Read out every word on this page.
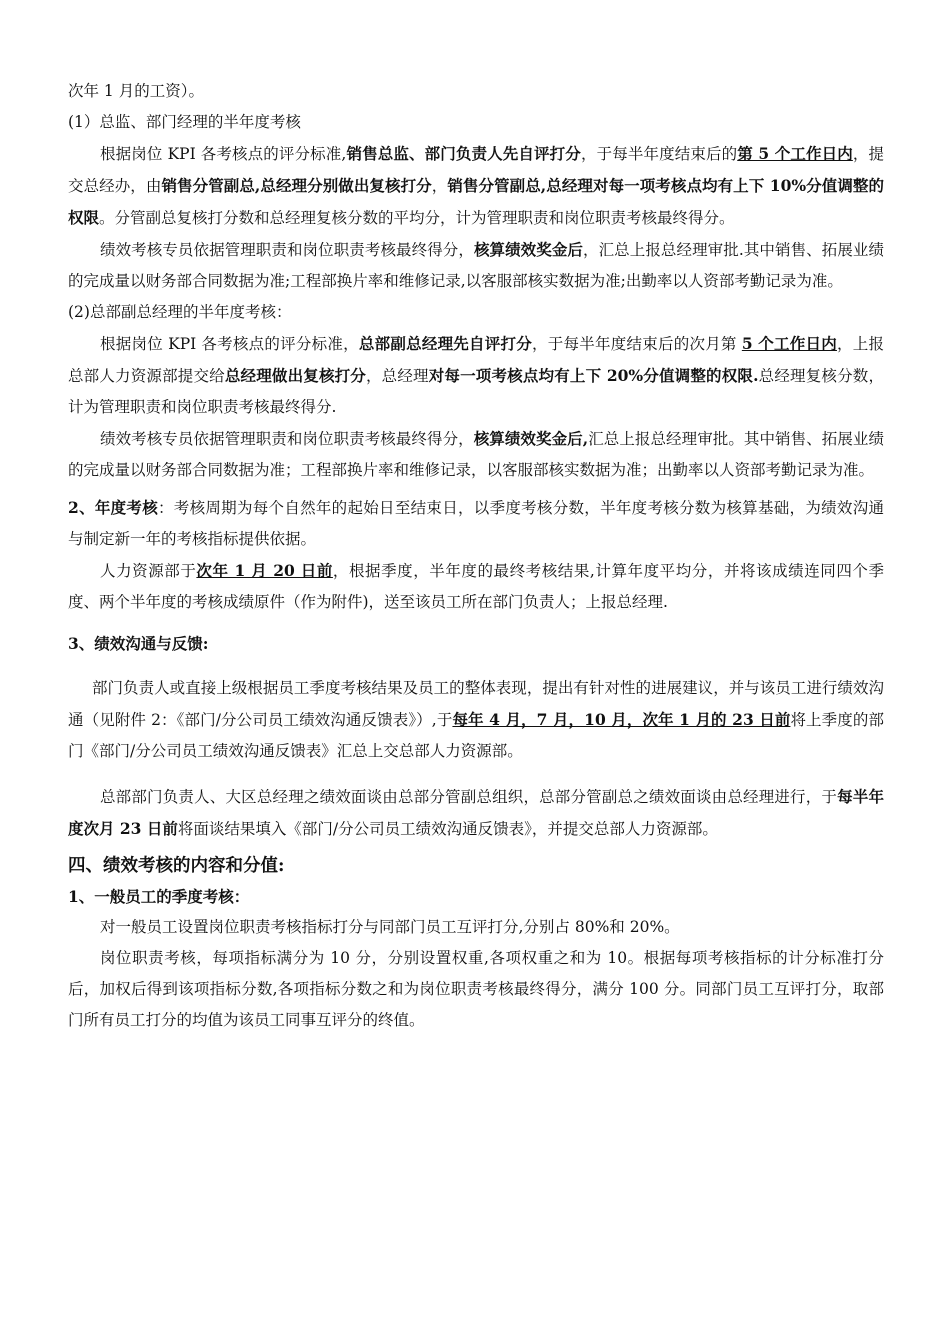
次年 1 月的工资）。

(1）总监、部门经理的半年度考核

根据岗位 KPI 各考核点的评分标准,销售总监、部门负责人先自评打分，于每半年度结束后的第 5 个工作日内，提交总经办，由销售分管副总,总经理分别做出复核打分，销售分管副总,总经理对每一项考核点均有上下 10%分值调整的权限。分管副总复核打分数和总经理复核分数的平均分，计为管理职责和岗位职责考核最终得分。

绩效考核专员依据管理职责和岗位职责考核最终得分，核算绩效奖金后，汇总上报总经理审批.其中销售、拓展业绩的完成量以财务部合同数据为准;工程部换片率和维修记录,以客服部核实数据为准;出勤率以人资部考勤记录为准。

(2)总部副总经理的半年度考核：

根据岗位 KPI 各考核点的评分标准，总部副总经理先自评打分，于每半年度结束后的次月第 5 个工作日内，上报总部人力资源部提交给总经理做出复核打分，总经理对每一项考核点均有上下 20%分值调整的权限.总经理复核分数，计为管理职责和岗位职责考核最终得分.

绩效考核专员依据管理职责和岗位职责考核最终得分，核算绩效奖金后,汇总上报总经理审批。其中销售、拓展业绩的完成量以财务部合同数据为准；工程部换片率和维修记录，以客服部核实数据为准；出勤率以人资部考勤记录为准。

2、年度考核：考核周期为每个自然年的起始日至结束日，以季度考核分数，半年度考核分数为核算基础，为绩效沟通与制定新一年的考核指标提供依据。

人力资源部于次年 1 月 20 日前，根据季度，半年度的最终考核结果,计算年度平均分，并将该成绩连同四个季度、两个半年度的考核成绩原件（作为附件)，送至该员工所在部门负责人；上报总经理.

3、绩效沟通与反馈:

部门负责人或直接上级根据员工季度考核结果及员工的整体表现，提出有针对性的进展建议，并与该员工进行绩效沟通（见附件 2：《部门/分公司员工绩效沟通反馈表》）,于每年 4 月，7 月，10 月，次年 1 月的 23 日前将上季度的部门《部门/分公司员工绩效沟通反馈表》汇总上交总部人力资源部。

总部部门负责人、大区总经理之绩效面谈由总部分管副总组织，总部分管副总之绩效面谈由总经理进行，于每半年度次月 23 日前将面谈结果填入《部门/分公司员工绩效沟通反馈表》，并提交总部人力资源部。

四、绩效考核的内容和分值:

1、一般员工的季度考核：

对一般员工设置岗位职责考核指标打分与同部门员工互评打分,分别占 80%和 20%。

岗位职责考核，每项指标满分为 10 分，分别设置权重,各项权重之和为 10。根据每项考核指标的计分标准打分后，加权后得到该项指标分数,各项指标分数之和为岗位职责考核最终得分，满分 100 分。同部门员工互评打分，取部门所有员工打分的均值为该员工同事互评分的终值。
